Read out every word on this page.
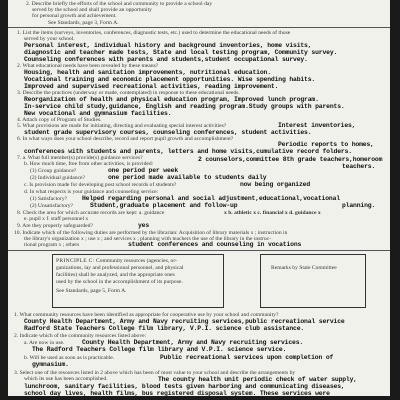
2. Describe briefly the efforts of the school and community to provide a school day
served by the school and shall provide an opportunity
for personal growth and achievement.
See Standards, page 3, Form A.
1. List the items (surveys, inventories, conferences, diagnostic tests, etc.) used to determine the educational needs of those
served by your school.
Personal interest, individual history and background inventories, home visits,
diagnostic and teacher made tests, State and local testing program, Community survey.
Counseling conferences with parents and students,student occupational survey.
2. What educational needs have been revealed by these means?
Housing, health and sanitation improvements, nutritional education.
Vocational training and economic placement opportunities. Wise spending habits.
Improved and supervised recreational activities, reading improvement.
3. Describe the practices (underway or made, contemplated) in response to these educational needs.
Reorganization of health and physical education program, Improved lunch program.
In-service child study,guidance, English and reading program.Study groups with parents.
New vocational and gymnasium facilities.
4. Attach copy of Program of Studies.
5. What provisions are made for initiating, directing and evaluating special interest activities?	Interest inventories,
student grade supervisory courses, counseling conferences, student activities.
6. In what ways does your school describe, record and report pupil growth and accomplishment?
Periodic reports to homes,
conferences with students and parents, letters and home visits,cumulative record folders.
7. a. What full member(s) provide(s) guidance services?	2 counselors,committee 8th grade teachers,homeroom
b. How much time, free from other activities, is provided:	teachers.
(1) Group guidance?	one period per week
(2) Individual guidance?	one period made available to students daily
c. Is provision made for developing post school records of students?	now being organized
d. In what respects is your guidance and counseling service:
(1) Satisfactory?	Helped regarding personal and social adjustment,educational,vocational
(2) Unsatisfactory?	Student,graduate placement and follow-up	planning.
8. Check the area for which accurate records are kept: a. guidance	x b. athletic x c. financial x d. guidance x
e. pupil x f. staff personnel x
9. Are they properly safeguarded?	yes
10. Indicate which of the following duties are performed by the librarian: Acquisition of library materials x ; instruction in
the library's organization x ; use x ; and services x ; planning with teachers the use of the library in the instruc-
tional program x ; others	student conferences and counseling in vocations
PRINCIPLE C: Community resources (agencies, or-
ganizations, lay and professional personnel, and physical
facilities) shall be analyzed, and the appropriate ones
used by the school in the accomplishment of its purpose.
See Standards, page 5, Form A.
Remarks by State Committee
1. What community resources have been identified as appropriate for cooperative use by your school and community?
County Health Department, Army and Navy recruiting services,public recreational service
Radford State Teachers College film library, V.P.I. science club assistance.
2. Indicate which of the community resources listed above:
a. Are now in use.	County Health Department, Army and Navy recruiting services.
The Radford Teachers College film library and V.P.I. science service.
b. Will be used as soon as is practicable.	Public recreational services upon completion of
gymnasium.
3. Select one of the resources listed in 2 above which has been of most value to your school and describe the arrangements by
which its use has been accomplished.	The county health unit periodic check of water supply,
lunchroom, sanitary facilities, blood tests given harboring and communicating diseases,
school day lives, health films, bus registered disposal system. These services were
